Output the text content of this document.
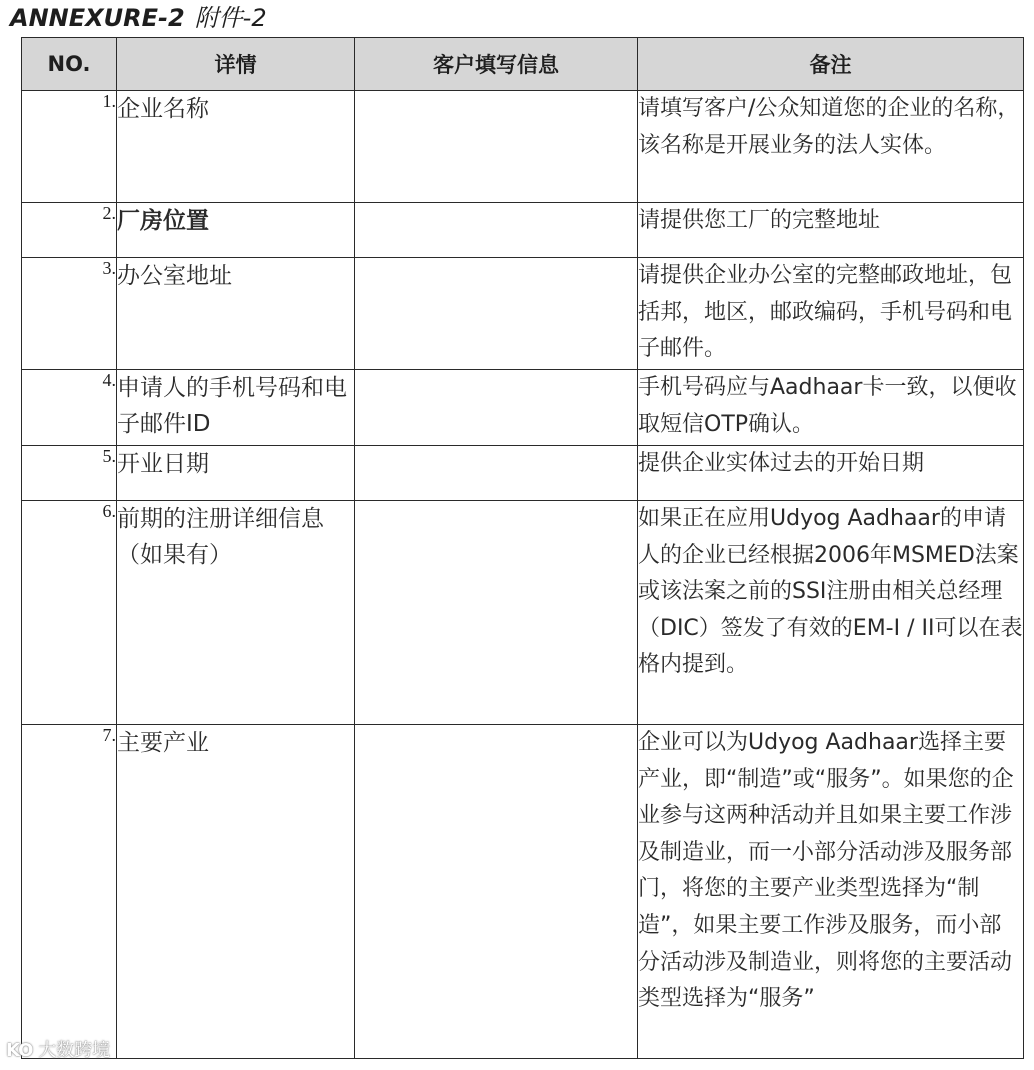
ANNEXURE-2 附件-2
NO.	详情	客户填写信息	备注
1.	企业名称		请填写客户/公众知道您的企业的名称，该名称是开展业务的法人实体。
2.	厂房位置		请提供您工厂的完整地址
3.	办公室地址		请提供企业办公室的完整邮政地址，包括邦，地区，邮政编码，手机号码和电子邮件。
4.	申请人的手机号码和电子邮件ID		手机号码应与Aadhaar卡一致，以便收取短信OTP确认。
5.	开业日期		提供企业实体过去的开始日期
6.	前期的注册详细信息（如果有）		如果正在应用Udyog Aadhaar的申请人的企业已经根据2006年MSMED法案或该法案之前的SSI注册由相关总经理（DIC）签发了有效的EM-I / II可以在表格内提到。
7.	主要产业		企业可以为Udyog Aadhaar选择主要产业，即“制造”或“服务”。如果您的企业参与这两种活动并且如果主要工作涉及制造业，而一小部分活动涉及服务部门，将您的主要产业类型选择为“制造”，如果主要工作涉及服务，而小部分活动涉及制造业，则将您的主要活动类型选择为“服务”
KO 大数跨境
